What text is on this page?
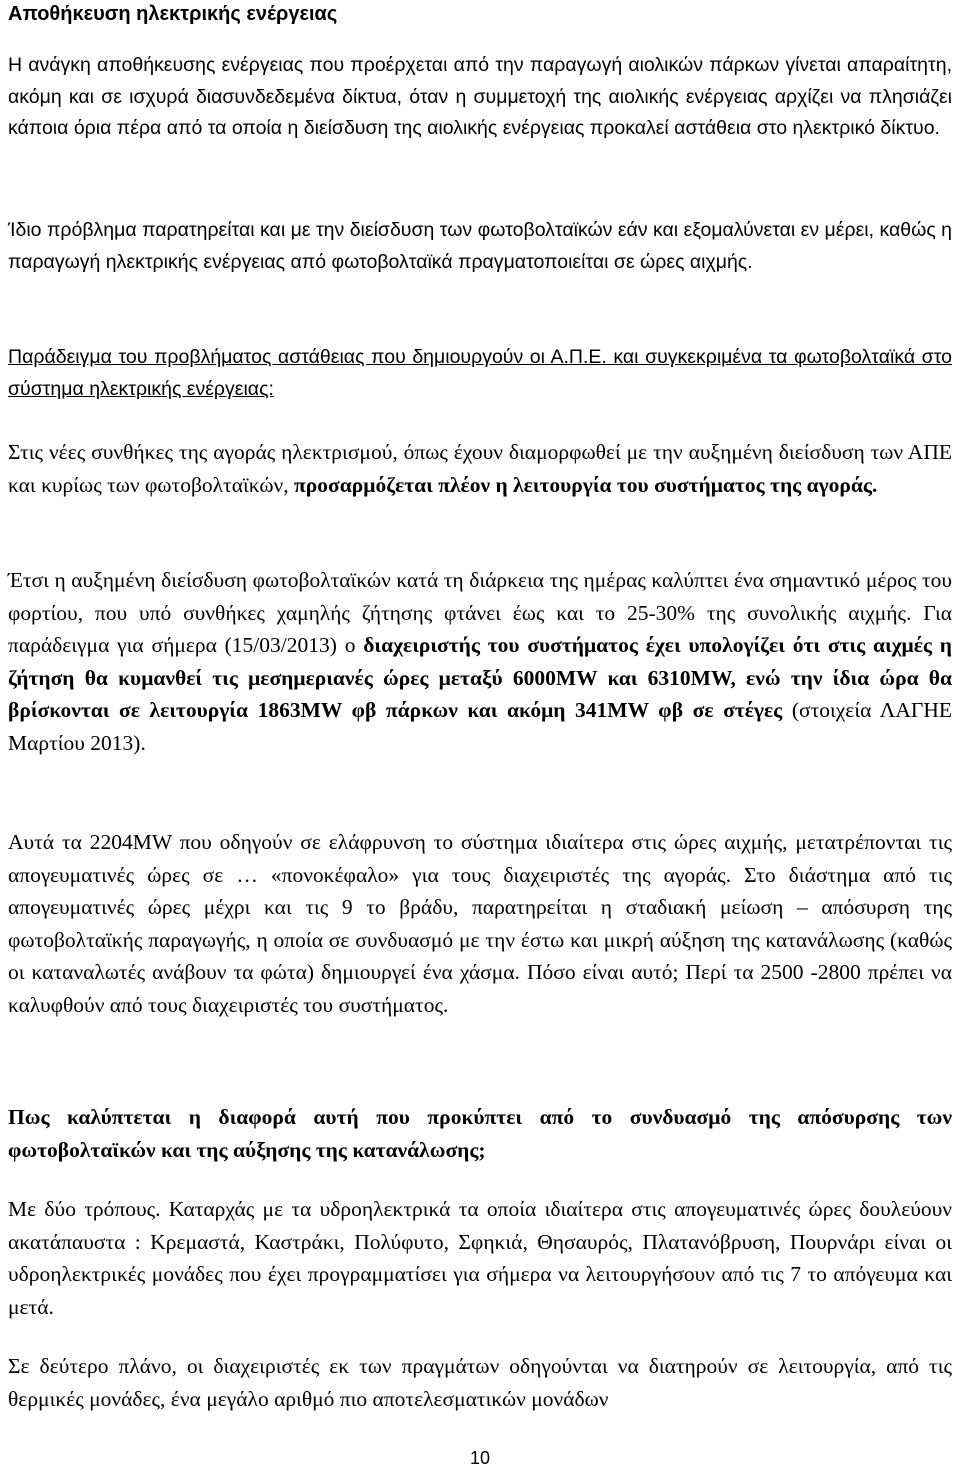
Αποθήκευση ηλεκτρικής ενέργειας

Η ανάγκη αποθήκευσης ενέργειας που προέρχεται από την παραγωγή αιολικών πάρκων γίνεται απαραίτητη, ακόμη και σε ισχυρά διασυνδεδεμένα δίκτυα, όταν η συμμετοχή της αιολικής ενέργειας αρχίζει να πλησιάζει κάποια όρια πέρα από τα οποία η διείσδυση της αιολικής ενέργειας προκαλεί αστάθεια στο ηλεκτρικό δίκτυο.

Ίδιο πρόβλημα παρατηρείται και με την διείσδυση των φωτοβολταϊκών εάν και εξομαλύνεται εν μέρει, καθώς η παραγωγή ηλεκτρικής ενέργειας από φωτοβολταϊκά πραγματοποιείται σε ώρες αιχμής.

Παράδειγμα του προβλήματος αστάθειας που δημιουργούν οι Α.Π.Ε. και συγκεκριμένα τα φωτοβολταϊκά στο σύστημα ηλεκτρικής ενέργειας:

Στις νέες συνθήκες της αγοράς ηλεκτρισμού, όπως έχουν διαμορφωθεί με την αυξημένη διείσδυση των ΑΠΕ και κυρίως των φωτοβολταϊκών, προσαρμόζεται πλέον η λειτουργία του συστήματος της αγοράς.

Έτσι η αυξημένη διείσδυση φωτοβολταϊκών κατά τη διάρκεια της ημέρας καλύπτει ένα σημαντικό μέρος του φορτίου, που υπό συνθήκες χαμηλής ζήτησης φτάνει έως και το 25-30% της συνολικής αιχμής. Για παράδειγμα για σήμερα (15/03/2013) ο διαχειριστής του συστήματος έχει υπολογίζει ότι στις αιχμές η ζήτηση θα κυμανθεί τις μεσημεριανές ώρες μεταξύ 6000MW και 6310MW, ενώ την ίδια ώρα θα βρίσκονται σε λειτουργία 1863MW φβ πάρκων και ακόμη 341MW φβ σε στέγες (στοιχεία ΛΑΓΗΕ Μαρτίου 2013).

Αυτά τα 2204MW που οδηγούν σε ελάφρυνση το σύστημα ιδιαίτερα στις ώρες αιχμής, μετατρέπονται τις απογευματινές ώρες σε … «πονοκέφαλο» για τους διαχειριστές της αγοράς. Στο διάστημα από τις απογευματινές ώρες μέχρι και τις 9 το βράδυ, παρατηρείται η σταδιακή μείωση – απόσυρση της φωτοβολταϊκής παραγωγής, η οποία σε συνδυασμό με την έστω και μικρή αύξηση της κατανάλωσης (καθώς οι καταναλωτές ανάβουν τα φώτα) δημιουργεί ένα χάσμα. Πόσο είναι αυτό; Περί τα 2500 -2800 πρέπει να καλυφθούν από τους διαχειριστές του συστήματος.

Πως καλύπτεται η διαφορά αυτή που προκύπτει από το συνδυασμό της απόσυρσης των φωτοβολταϊκών και της αύξησης της κατανάλωσης;

Με δύο τρόπους. Καταρχάς με τα υδροηλεκτρικά τα οποία ιδιαίτερα στις απογευματινές ώρες δουλεύουν ακατάπαυστα : Κρεμαστά, Καστράκι, Πολύφυτο, Σφηκιά, Θησαυρός, Πλατανόβρυση, Πουρνάρι είναι οι υδροηλεκτρικές μονάδες που έχει προγραμματίσει για σήμερα να λειτουργήσουν από τις 7 το απόγευμα και μετά.

Σε δεύτερο πλάνο, οι διαχειριστές εκ των πραγμάτων οδηγούνται να διατηρούν σε λειτουργία, από τις θερμικές μονάδες, ένα μεγάλο αριθμό πιο αποτελεσματικών μονάδων

10
